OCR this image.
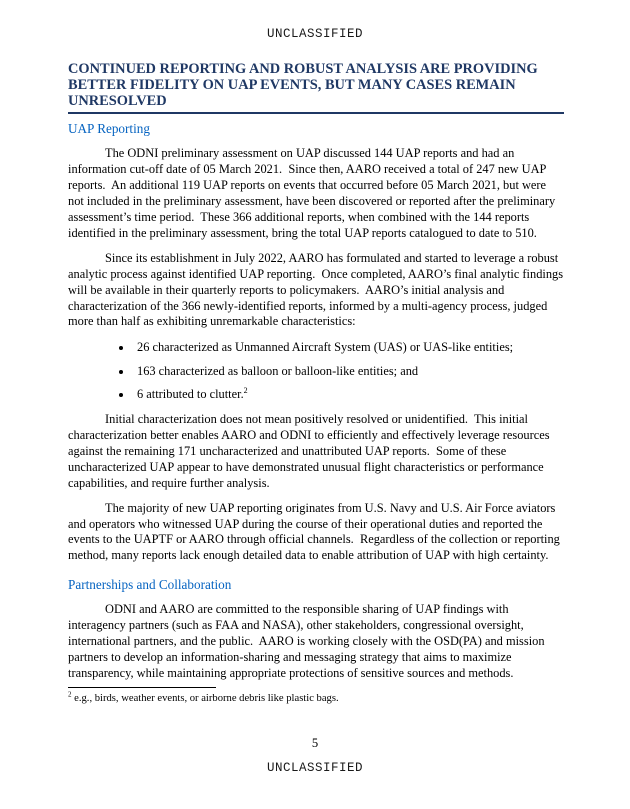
UNCLASSIFIED
CONTINUED REPORTING AND ROBUST ANALYSIS ARE PROVIDING BETTER FIDELITY ON UAP EVENTS, BUT MANY CASES REMAIN UNRESOLVED
UAP Reporting

The ODNI preliminary assessment on UAP discussed 144 UAP reports and had an information cut-off date of 05 March 2021.  Since then, AARO received a total of 247 new UAP reports.  An additional 119 UAP reports on events that occurred before 05 March 2021, but were not included in the preliminary assessment, have been discovered or reported after the preliminary assessment’s time period.  These 366 additional reports, when combined with the 144 reports identified in the preliminary assessment, bring the total UAP reports catalogued to date to 510.

Since its establishment in July 2022, AARO has formulated and started to leverage a robust analytic process against identified UAP reporting.  Once completed, AARO’s final analytic findings will be available in their quarterly reports to policymakers.  AARO’s initial analysis and characterization of the 366 newly-identified reports, informed by a multi-agency process, judged more than half as exhibiting unremarkable characteristics:

• 26 characterized as Unmanned Aircraft System (UAS) or UAS-like entities;
• 163 characterized as balloon or balloon-like entities; and
• 6 attributed to clutter.$^2$

Initial characterization does not mean positively resolved or unidentified.  This initial characterization better enables AARO and ODNI to efficiently and effectively leverage resources against the remaining 171 uncharacterized and unattributed UAP reports.  Some of these uncharacterized UAP appear to have demonstrated unusual flight characteristics or performance capabilities, and require further analysis.

The majority of new UAP reporting originates from U.S. Navy and U.S. Air Force aviators and operators who witnessed UAP during the course of their operational duties and reported the events to the UAPTF or AARO through official channels.  Regardless of the collection or reporting method, many reports lack enough detailed data to enable attribution of UAP with high certainty.

Partnerships and Collaboration

ODNI and AARO are committed to the responsible sharing of UAP findings with interagency partners (such as FAA and NASA), other stakeholders, congressional oversight, international partners, and the public.  AARO is working closely with the OSD(PA) and mission partners to develop an information-sharing and messaging strategy that aims to maximize transparency, while maintaining appropriate protections of sensitive sources and methods.

$^2$ e.g., birds, weather events, or airborne debris like plastic bags.
5
UNCLASSIFIED
